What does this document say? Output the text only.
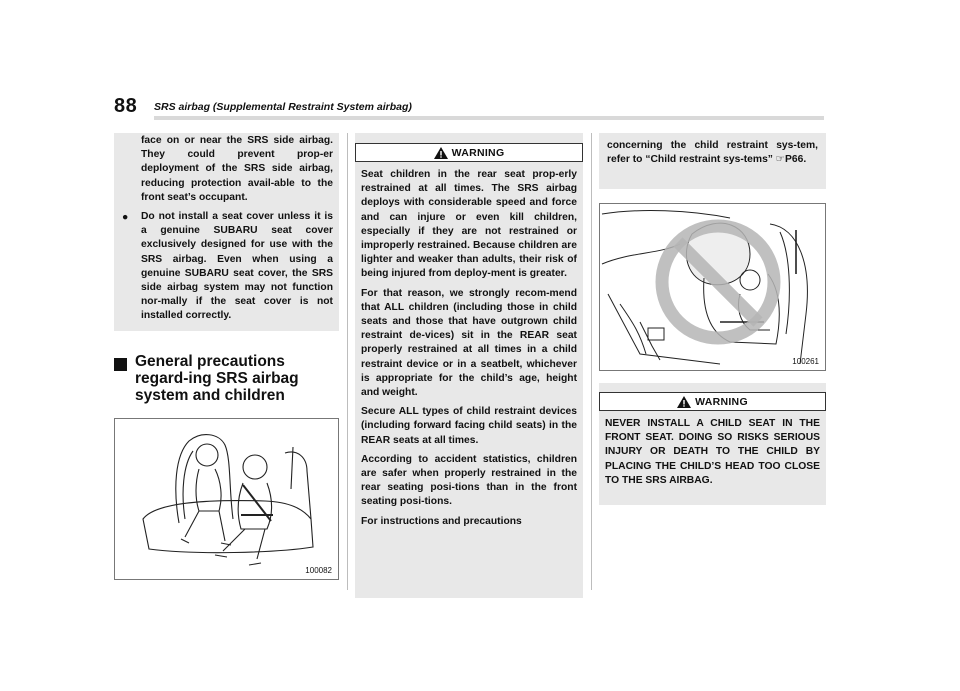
88 SRS airbag (Supplemental Restraint System airbag)

face on or near the SRS side airbag. They could prevent prop-er deployment of the SRS side airbag, reducing protection avail-able to the front seat’s occupant.

●	Do not install a seat cover unless it is a genuine SUBARU seat cover exclusively designed for use with the SRS airbag. Even when using a genuine SUBARU seat cover, the SRS side airbag system may not function nor-mally if the seat cover is not installed correctly.

General precautions regard-ing SRS airbag system and children
100082
WARNING

Seat children in the rear seat prop-erly restrained at all times. The SRS airbag deploys with considerable speed and force and can injure or even kill children, especially if they are not restrained or improperly restrained. Because children are lighter and weaker than adults, their risk of being injured from deploy-ment is greater.

For that reason, we strongly recom-mend that ALL children (including those in child seats and those that have outgrown child restraint de-vices) sit in the REAR seat properly restrained at all times in a child restraint device or in a seatbelt, whichever is appropriate for the child’s age, height and weight.

Secure ALL types of child restraint devices (including forward facing child seats) in the REAR seats at all times.

According to accident statistics, children are safer when properly restrained in the rear seating posi-tions than in the front seating posi-tions.

For instructions and precautions

concerning the child restraint sys-tem, refer to “Child restraint sys-tems” ☞P66.

100261
WARNING

NEVER INSTALL A CHILD SEAT IN THE FRONT SEAT. DOING SO RISKS SERIOUS INJURY OR DEATH TO THE CHILD BY PLACING THE CHILD’S HEAD TOO CLOSE TO THE SRS AIRBAG.
